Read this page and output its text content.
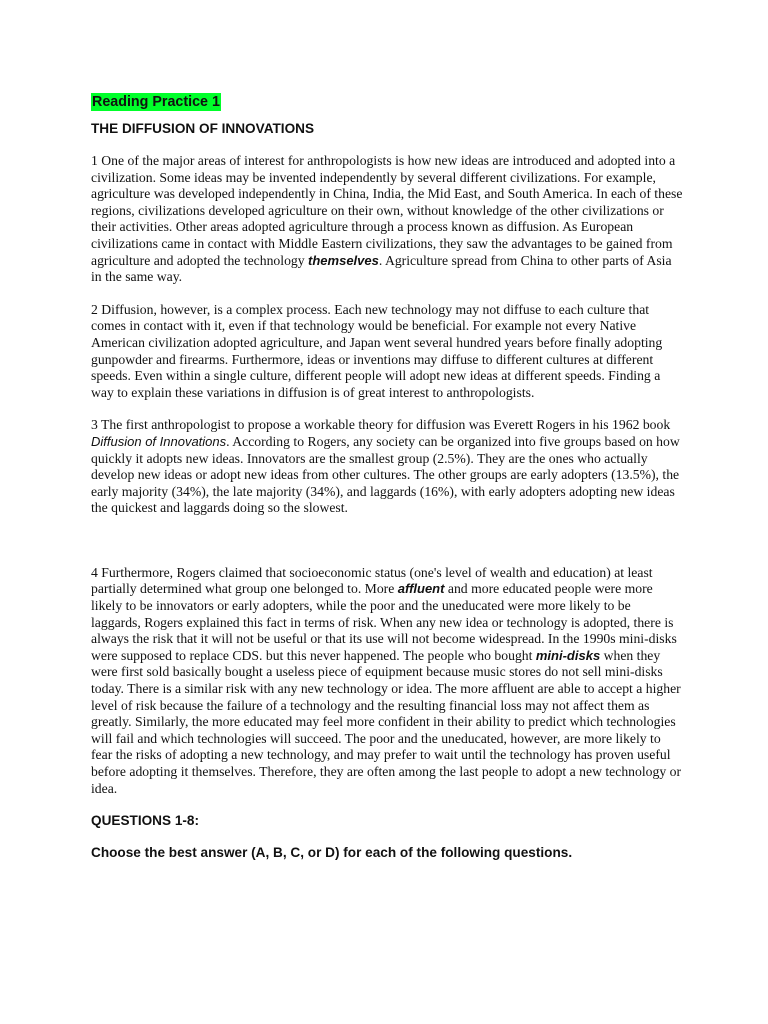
Reading Practice 1
THE DIFFUSION OF INNOVATIONS

1 One of the major areas of interest for anthropologists is how new ideas are introduced and adopted into a civilization. Some ideas may be invented independently by several different civilizations. For example, agriculture was developed independently in China, India, the Mid East, and South America. In each of these regions, civilizations developed agriculture on their own, without knowledge of the other civilizations or their activities. Other areas adopted agriculture through a process known as diffusion. As European civilizations came in contact with Middle Eastern civilizations, they saw the advantages to be gained from agriculture and adopted the technology themselves. Agriculture spread from China to other parts of Asia in the same way.

2 Diffusion, however, is a complex process. Each new technology may not diffuse to each culture that comes in contact with it, even if that technology would be beneficial. For example not every Native American civilization adopted agriculture, and Japan went several hundred years before finally adopting gunpowder and firearms. Furthermore, ideas or inventions may diffuse to different cultures at different speeds. Even within a single culture, different people will adopt new ideas at different speeds. Finding a way to explain these variations in diffusion is of great interest to anthropologists.

3 The first anthropologist to propose a workable theory for diffusion was Everett Rogers in his 1962 book Diffusion of Innovations. According to Rogers, any society can be organized into five groups based on how quickly it adopts new ideas. Innovators are the smallest group (2.5%). They are the ones who actually develop new ideas or adopt new ideas from other cultures. The other groups are early adopters (13.5%), the early majority (34%), the late majority (34%), and laggards (16%), with early adopters adopting new ideas the quickest and laggards doing so the slowest.

4 Furthermore, Rogers claimed that socioeconomic status (one's level of wealth and education) at least partially determined what group one belonged to. More affluent and more educated people were more likely to be innovators or early adopters, while the poor and the uneducated were more likely to be laggards, Rogers explained this fact in terms of risk. When any new idea or technology is adopted, there is always the risk that it will not be useful or that its use will not become widespread. In the 1990s mini-disks were supposed to replace CDS. but this never happened. The people who bought mini-disks when they were first sold basically bought a useless piece of equipment because music stores do not sell mini-disks today. There is a similar risk with any new technology or idea. The more affluent are able to accept a higher level of risk because the failure of a technology and the resulting financial loss may not affect them as greatly. Similarly, the more educated may feel more confident in their ability to predict which technologies will fail and which technologies will succeed. The poor and the uneducated, however, are more likely to fear the risks of adopting a new technology, and may prefer to wait until the technology has proven useful before adopting it themselves. Therefore, they are often among the last people to adopt a new technology or idea.

QUESTIONS 1-8:
Choose the best answer (A, B, C, or D) for each of the following questions.
